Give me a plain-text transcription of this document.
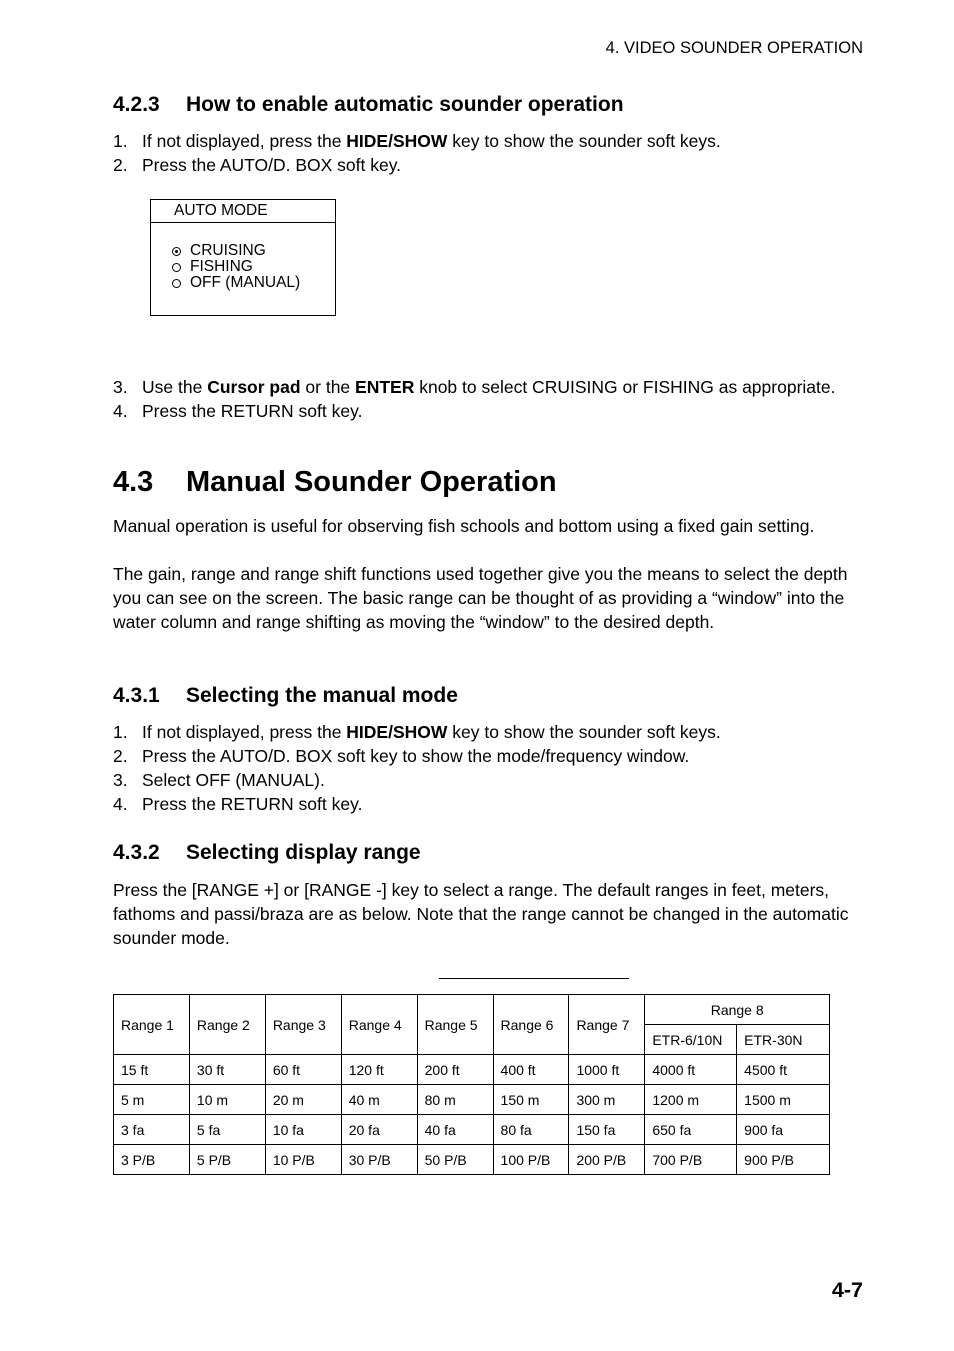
4. VIDEO SOUNDER OPERATION
4.2.3 How to enable automatic sounder operation
1. If not displayed, press the HIDE/SHOW key to show the sounder soft keys.
2. Press the AUTO/D. BOX soft key.
AUTO MODE
CRUISING
FISHING
OFF (MANUAL)
3. Use the Cursor pad or the ENTER knob to select CRUISING or FISHING as appropriate.
4. Press the RETURN soft key.
4.3 Manual Sounder Operation
Manual operation is useful for observing fish schools and bottom using a fixed gain setting.
The gain, range and range shift functions used together give you the means to select the depth you can see on the screen. The basic range can be thought of as providing a “window” into the water column and range shifting as moving the “window” to the desired depth.
4.3.1 Selecting the manual mode
1. If not displayed, press the HIDE/SHOW key to show the sounder soft keys.
2. Press the AUTO/D. BOX soft key to show the mode/frequency window.
3. Select OFF (MANUAL).
4. Press the RETURN soft key.
4.3.2 Selecting display range
Press the [RANGE +] or [RANGE -] key to select a range. The default ranges in feet, meters, fathoms and passi/braza are as below. Note that the range cannot be changed in the automatic sounder mode.
Range 1	Range 2	Range 3	Range 4	Range 5	Range 6	Range 7	Range 8	
							ETR-6/10N	ETR-30N
15 ft	30 ft	60 ft	120 ft	200 ft	400 ft	1000 ft	4000 ft	4500 ft
5 m	10 m	20 m	40 m	80 m	150 m	300 m	1200 m	1500 m
3 fa	5 fa	10 fa	20 fa	40 fa	80 fa	150 fa	650 fa	900 fa
3 P/B	5 P/B	10 P/B	30 P/B	50 P/B	100 P/B	200 P/B	700 P/B	900 P/B
4-7
